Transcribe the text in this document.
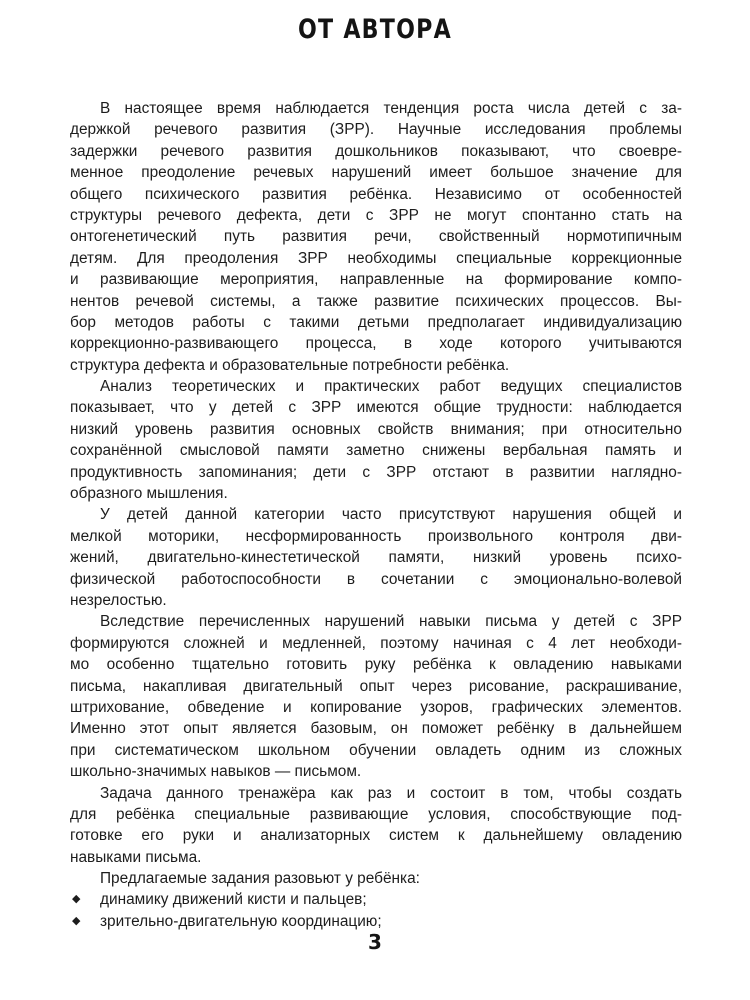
ОТ АВТОРА
В настоящее время наблюдается тенденция роста числа детей с за-
держкой речевого развития (ЗРР). Научные исследования проблемы
задержки речевого развития дошкольников показывают, что своевре-
менное преодоление речевых нарушений имеет большое значение для
общего психического развития ребёнка. Независимо от особенностей
структуры речевого дефекта, дети с ЗРР не могут спонтанно стать на
онтогенетический путь развития речи, свойственный нормотипичным
детям. Для преодоления ЗРР необходимы специальные коррекционные
и развивающие мероприятия, направленные на формирование компо-
нентов речевой системы, а также развитие психических процессов. Вы-
бор методов работы с такими детьми предполагает индивидуализацию
коррекционно-развивающего процесса, в ходе которого учитываются
структура дефекта и образовательные потребности ребёнка.
Анализ теоретических и практических работ ведущих специалистов
показывает, что у детей с ЗРР имеются общие трудности: наблюдается
низкий уровень развития основных свойств внимания; при относительно
сохранённой смысловой памяти заметно снижены вербальная память и
продуктивность запоминания; дети с ЗРР отстают в развитии наглядно-
образного мышления.
У детей данной категории часто присутствуют нарушения общей и
мелкой моторики, несформированность произвольного контроля дви-
жений, двигательно-кинестетической памяти, низкий уровень психо-
физической работоспособности в сочетании с эмоционально-волевой
незрелостью.
Вследствие перечисленных нарушений навыки письма у детей с ЗРР
формируются сложней и медленней, поэтому начиная с 4 лет необходи-
мо особенно тщательно готовить руку ребёнка к овладению навыками
письма, накапливая двигательный опыт через рисование, раскрашивание,
штрихование, обведение и копирование узоров, графических элементов.
Именно этот опыт является базовым, он поможет ребёнку в дальнейшем
при систематическом школьном обучении овладеть одним из сложных
школьно-значимых навыков — письмом.
Задача данного тренажёра как раз и состоит в том, чтобы создать
для ребёнка специальные развивающие условия, способствующие под-
готовке его руки и анализаторных систем к дальнейшему овладению
навыками письма.
Предлагаемые задания разовьют у ребёнка:
◆ динамику движений кисти и пальцев;
◆ зрительно-двигательную координацию;
3
